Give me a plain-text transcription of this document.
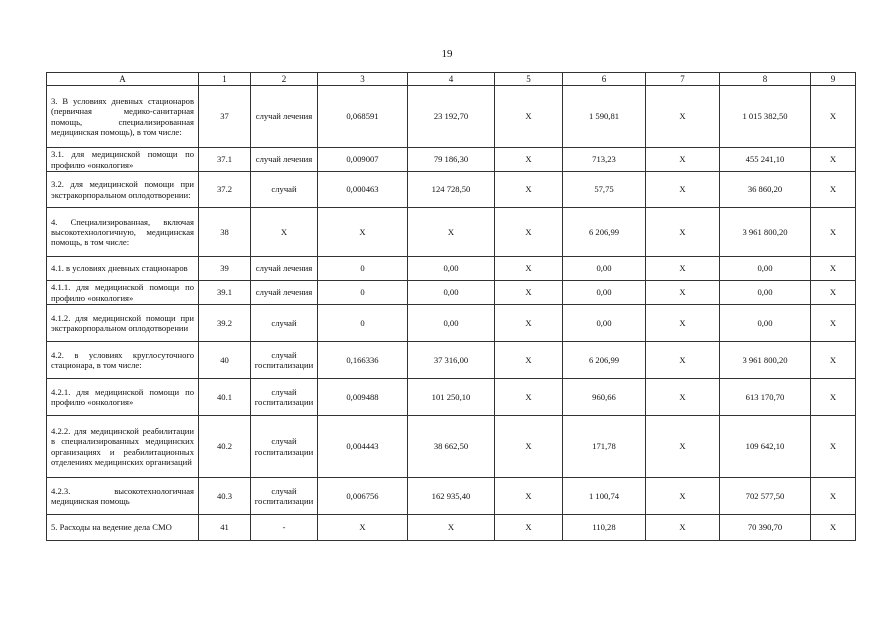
19
А	1	2	3	4	5	6	7	8	9
3. В условиях дневных стационаров (первичная медико-санитарная помощь, специализированная медицинская помощь), в том числе:	37	случай лечения	0,068591	23 192,70	X	1 590,81	X	1 015 382,50	X
3.1. для медицинской помощи по профилю «онкология»	37.1	случай лечения	0,009007	79 186,30	X	713,23	X	455 241,10	X
3.2. для медицинской помощи при экстракорпоральном оплодотворении:	37.2	случай	0,000463	124 728,50	X	57,75	X	36 860,20	X
4. Специализированная, включая высокотехнологичную, медицинская помощь, в том числе:	38	X	X	X	X	6 206,99	X	3 961 800,20	X
4.1. в условиях дневных стационаров	39	случай лечения	0	0,00	X	0,00	X	0,00	X
4.1.1. для медицинской помощи по профилю «онкология»	39.1	случай лечения	0	0,00	X	0,00	X	0,00	X
4.1.2. для медицинской помощи при экстракорпоральном оплодотворении	39.2	случай	0	0,00	X	0,00	X	0,00	X
4.2. в условиях круглосуточного стационара, в том числе:	40	случай госпитализации	0,166336	37 316,00	X	6 206,99	X	3 961 800,20	X
4.2.1. для медицинской помощи по профилю «онкология»	40.1	случай госпитализации	0,009488	101 250,10	X	960,66	X	613 170,70	X
4.2.2. для медицинской реабилитации в специализированных медицинских организациях и реабилитационных отделениях медицинских организаций	40.2	случай госпитализации	0,004443	38 662,50	X	171,78	X	109 642,10	X
4.2.3. высокотехнологичная медицинская помощь	40.3	случай госпитализации	0,006756	162 935,40	X	1 100,74	X	702 577,50	X
5. Расходы на ведение дела СМО	41	-	X	X	X	110,28	X	70 390,70	X
